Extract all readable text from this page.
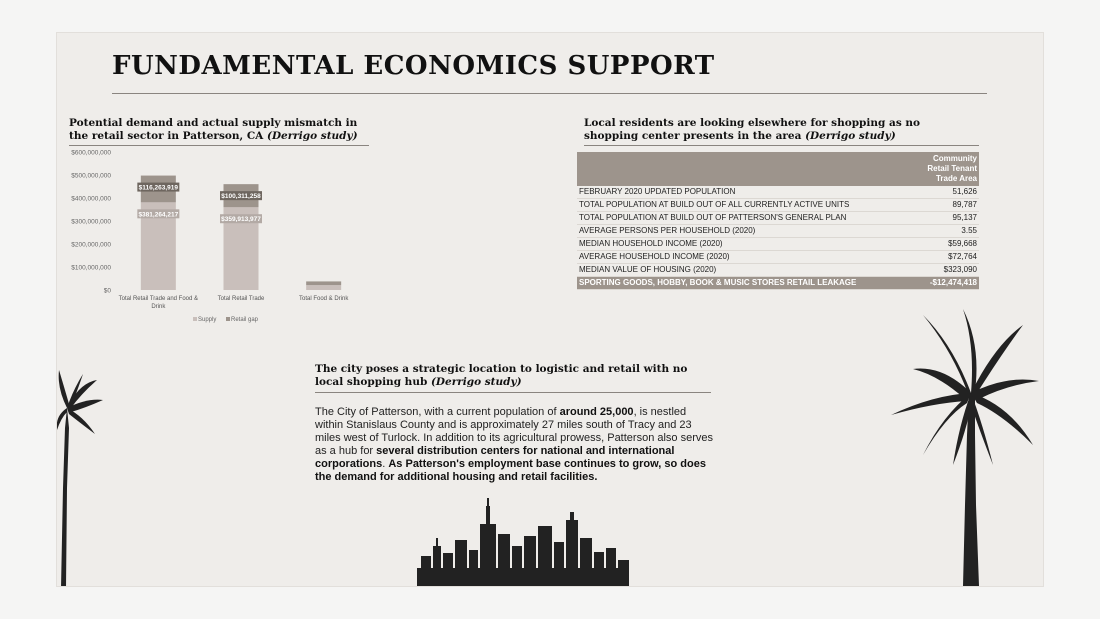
FUNDAMENTAL ECONOMICS SUPPORT

Potential demand and actual supply mismatch in the retail sector in Patterson, CA (Derrigo study)

$0
$100,000,000
$200,000,000
$300,000,000
$400,000,000
$500,000,000
$600,000,000
$381,264,217
$116,263,919
$359,913,977
$100,311,258
Total Retail Trade and Food &
Drink
Total Retail Trade	Total Food & Drink
Supply Retail gap

Local residents are looking elsewhere for shopping as no shopping center presents in the area (Derrigo study)

	Community
Retail Tenant
Trade Area
FEBRUARY 2020 UPDATED POPULATION	51,626
TOTAL POPULATION AT BUILD OUT OF ALL CURRENTLY ACTIVE UNITS	89,787
TOTAL POPULATION AT BUILD OUT OF PATTERSON'S GENERAL PLAN	95,137
AVERAGE PERSONS PER HOUSEHOLD (2020)	3.55
MEDIAN HOUSEHOLD INCOME (2020)	$59,668
AVERAGE HOUSEHOLD INCOME (2020)	$72,764
MEDIAN VALUE OF HOUSING (2020)	$323,090
SPORTING GOODS, HOBBY, BOOK & MUSIC STORES RETAIL LEAKAGE	-$12,474,418

The city poses a strategic location to logistic and retail with no local shopping hub (Derrigo study)

The City of Patterson, with a current population of around 25,000, is nestled within Stanislaus County and is approximately 27 miles south of Tracy and 23 miles west of Turlock. In addition to its agricultural prowess, Patterson also serves as a hub for several distribution centers for national and international corporations. As Patterson's employment base continues to grow, so does the demand for additional housing and retail facilities.
